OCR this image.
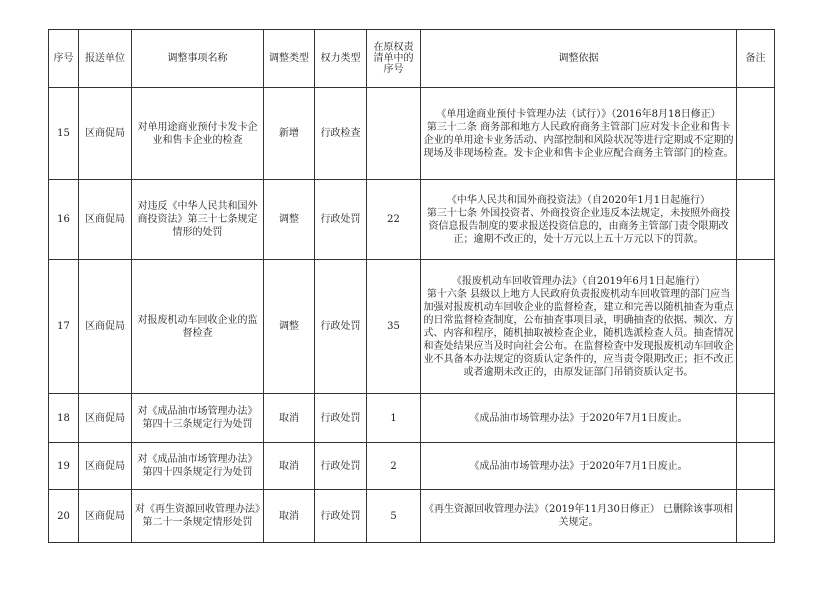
序号	报送单位	调整事项名称	调整类型	权力类型	在原权责清单中的序号	调整依据	备注
15	区商促局	对单用途商业预付卡发卡企业和售卡企业的检查	新增	行政检查		《单用途商业预付卡管理办法（试行）》（2016年8月18日修正）

第三十二条 商务部和地方人民政府商务主管部门应对发卡企业和售卡企业的单用途卡业务活动、内部控制和风险状况等进行定期或不定期的现场及非现场检查。发卡企业和售卡企业应配合商务主管部门的检查。	

16	区商促局	对违反《中华人民共和国外商投资法》第三十七条规定情形的处罚	调整	行政处罚	22	《中华人民共和国外商投资法》（自2020年1月1日起施行）

第三十七条 外国投资者、外商投资企业违反本法规定，未按照外商投资信息报告制度的要求报送投资信息的，由商务主管部门责令限期改正；逾期不改正的，处十万元以上五十万元以下的罚款。	

17	区商促局	对报废机动车回收企业的监督检查	调整	行政处罚	35	《报废机动车回收管理办法》（自2019年6月1日起施行）

第十六条 县级以上地方人民政府负责报废机动车回收管理的部门应当加强对报废机动车回收企业的监督检查，建立和完善以随机抽查为重点的日常监督检查制度，公布抽查事项目录，明确抽查的依据、频次、方式、内容和程序，随机抽取被检查企业，随机选派检查人员。抽查情况和查处结果应当及时向社会公布。在监督检查中发现报废机动车回收企业不具备本办法规定的资质认定条件的，应当责令限期改正；拒不改正或者逾期未改正的，由原发证部门吊销资质认定书。	

18	区商促局	对《成品油市场管理办法》第四十三条规定行为处罚	取消	行政处罚	1	《成品油市场管理办法》于2020年7月1日废止。	

19	区商促局	对《成品油市场管理办法》第四十四条规定行为处罚	取消	行政处罚	2	《成品油市场管理办法》于2020年7月1日废止。	

20	区商促局	对《再生资源回收管理办法》第二十一条规定情形处罚	取消	行政处罚	5	《再生资源回收管理办法》（2019年11月30日修正） 已删除该事项相关规定。	
